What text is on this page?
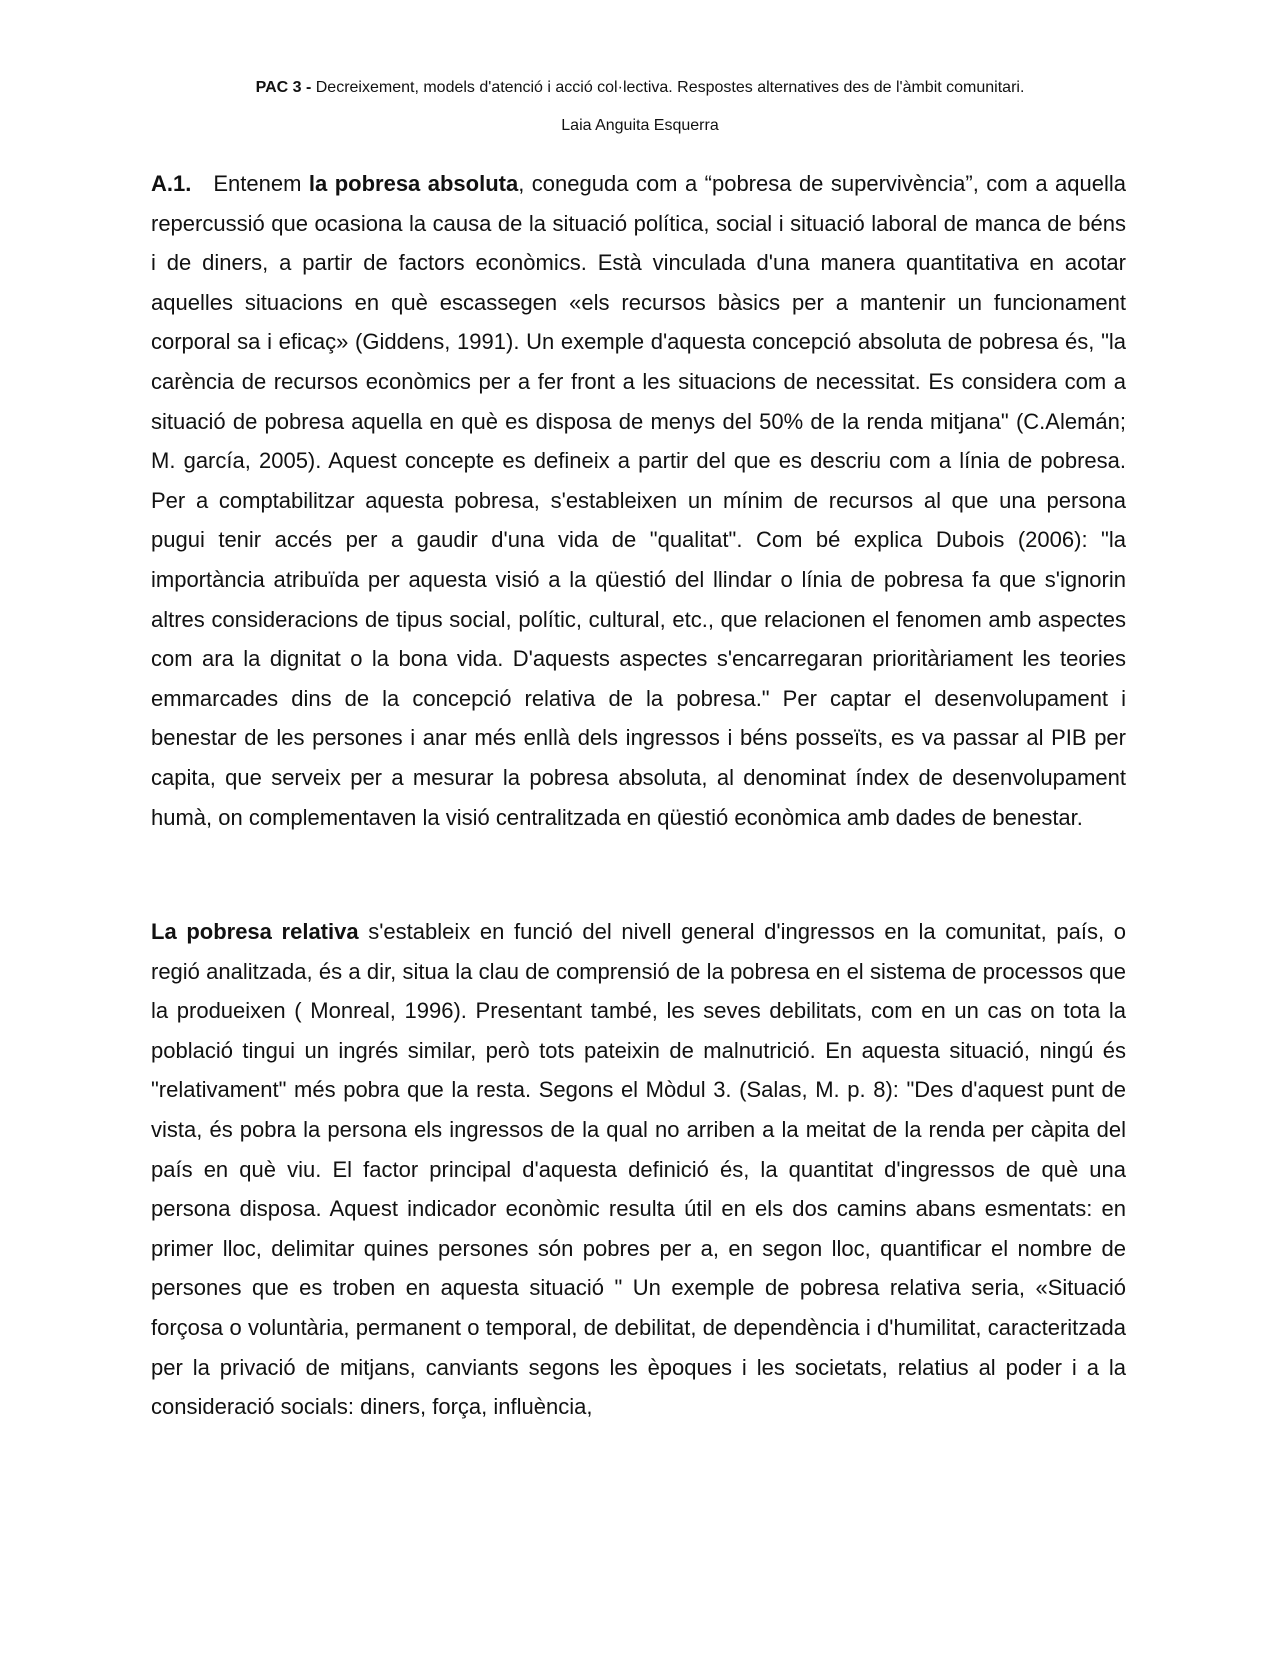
PAC 3 - Decreixement, models d'atenció i acció col·lectiva. Respostes alternatives des de l'àmbit comunitari.
Laia Anguita Esquerra

A.1. Entenem la pobresa absoluta, coneguda com a “pobresa de supervivència”, com a aquella repercussió que ocasiona la causa de la situació política, social i situació laboral de manca de béns i de diners, a partir de factors econòmics. Està vinculada d'una manera quantitativa en acotar aquelles situacions en què escassegen «els recursos bàsics per a mantenir un funcionament corporal sa i eficaç» (Giddens, 1991). Un exemple d'aquesta concepció absoluta de pobresa és, "la carència de recursos econòmics per a fer front a les situacions de necessitat. Es considera com a situació de pobresa aquella en què es disposa de menys del 50% de la renda mitjana" (C.Alemán; M. garcía, 2005). Aquest concepte es defineix a partir del que es descriu com a línia de pobresa. Per a comptabilitzar aquesta pobresa, s'estableixen un mínim de recursos al que una persona pugui tenir accés per a gaudir d'una vida de "qualitat". Com bé explica Dubois (2006): "la importància atribuïda per aquesta visió a la qüestió del llindar o línia de pobresa fa que s'ignorin altres consideracions de tipus social, polític, cultural, etc., que relacionen el fenomen amb aspectes com ara la dignitat o la bona vida. D'aquests aspectes s'encarregaran prioritàriament les teories emmarcades dins de la concepció relativa de la pobresa." Per captar el desenvolupament i benestar de les persones i anar més enllà dels ingressos i béns posseïts, es va passar al PIB per capita, que serveix per a mesurar la pobresa absoluta, al denominat índex de desenvolupament humà, on complementaven la visió centralitzada en qüestió econòmica amb dades de benestar.

La pobresa relativa s'estableix en funció del nivell general d'ingressos en la comunitat, país, o regió analitzada, és a dir, situa la clau de comprensió de la pobresa en el sistema de processos que la produeixen ( Monreal, 1996). Presentant també, les seves debilitats, com en un cas on tota la població tingui un ingrés similar, però tots pateixin de malnutrició. En aquesta situació, ningú és "relativament" més pobra que la resta. Segons el Mòdul 3. (Salas, M. p. 8): "Des d'aquest punt de vista, és pobra la persona els ingressos de la qual no arriben a la meitat de la renda per càpita del país en què viu. El factor principal d'aquesta definició és, la quantitat d'ingressos de què una persona disposa. Aquest indicador econòmic resulta útil en els dos camins abans esmentats: en primer lloc, delimitar quines persones són pobres per a, en segon lloc, quantificar el nombre de persones que es troben en aquesta situació " Un exemple de pobresa relativa seria, «Situació forçosa o voluntària, permanent o temporal, de debilitat, de dependència i d'humilitat, caracteritzada per la privació de mitjans, canviants segons les èpoques i les societats, relatius al poder i a la consideració socials: diners, força, influència,
